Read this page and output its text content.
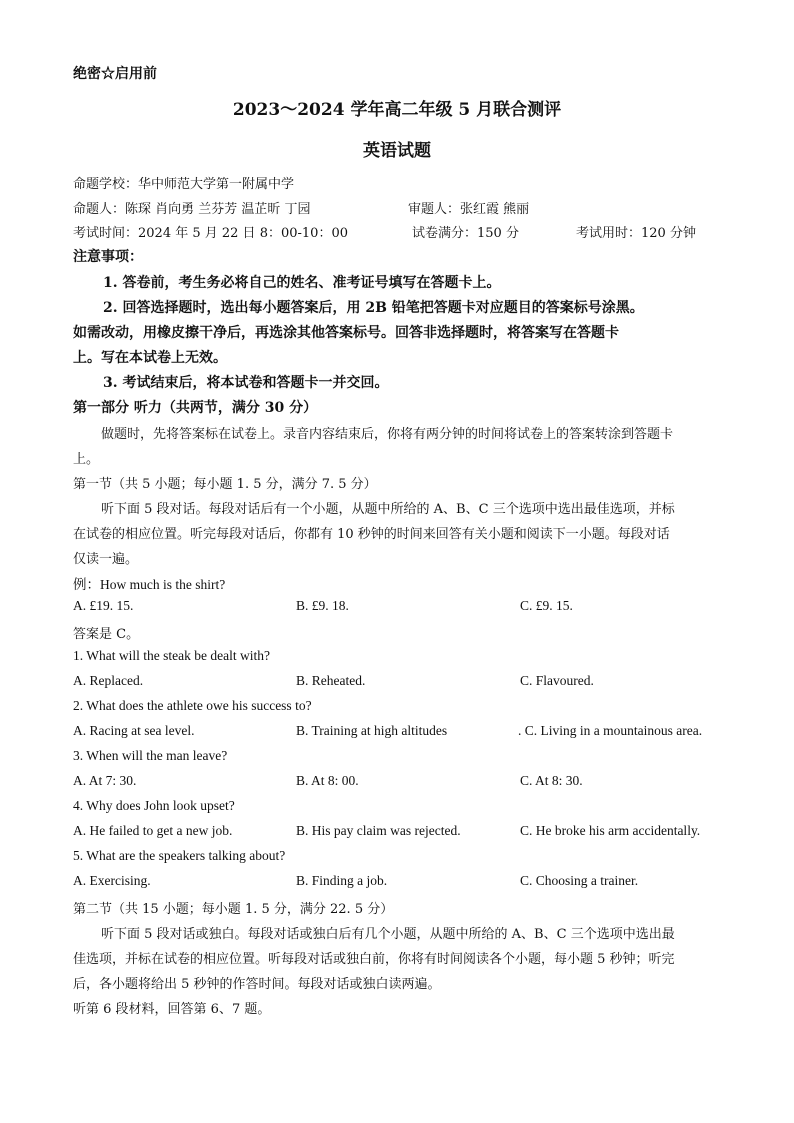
绝密☆启用前
2023～2024 学年高二年级 5 月联合测评
英语试题
命题学校：华中师范大学第一附属中学
命题人：陈琛 肖向勇 兰芬芳 温芷昕 丁园	审题人：张红霞 熊丽
考试时间：2024 年 5 月 22 日 8：00-10：00	试卷满分：150 分	考试用时：120 分钟
注意事项：
1. 答卷前，考生务必将自己的姓名、准考证号填写在答题卡上。
2. 回答选择题时，选出每小题答案后，用 2B 铅笔把答题卡对应题目的答案标号涂黑。
如需改动，用橡皮擦干净后，再选涂其他答案标号。回答非选择题时，将答案写在答题卡
上。写在本试卷上无效。
3. 考试结束后，将本试卷和答题卡一并交回。
第一部分 听力（共两节，满分 30 分）
做题时，先将答案标在试卷上。录音内容结束后，你将有两分钟的时间将试卷上的答案转涂到答题卡
上。
第一节（共 5 小题；每小题 1. 5 分，满分 7. 5 分）
听下面 5 段对话。每段对话后有一个小题，从题中所给的 A、B、C 三个选项中选出最佳选项，并标
在试卷的相应位置。听完每段对话后，你都有 10 秒钟的时间来回答有关小题和阅读下一小题。每段对话
仅读一遍。
例：How much is the shirt?
A. £19. 15.	B. £9. 18.	C. £9. 15.
答案是 C。
1. What will the steak be dealt with?
A. Replaced.	B. Reheated.	C. Flavoured.
2. What does the athlete owe his success to?
A. Racing at sea level.	B. Training at high altitudes	. C. Living in a mountainous area.
3. When will the man leave?
A. At 7: 30.	B. At 8: 00.	C. At 8: 30.
4. Why does John look upset?
A. He failed to get a new job.	B. His pay claim was rejected.	C. He broke his arm accidentally.
5. What are the speakers talking about?
A. Exercising.	B. Finding a job.	C. Choosing a trainer.
第二节（共 15 小题；每小题 1. 5 分，满分 22. 5 分）
听下面 5 段对话或独白。每段对话或独白后有几个小题，从题中所给的 A、B、C 三个选项中选出最
佳选项，并标在试卷的相应位置。听每段对话或独白前，你将有时间阅读各个小题，每小题 5 秒钟；听完
后，各小题将给出 5 秒钟的作答时间。每段对话或独白读两遍。
听第 6 段材料，回答第 6、7 题。
